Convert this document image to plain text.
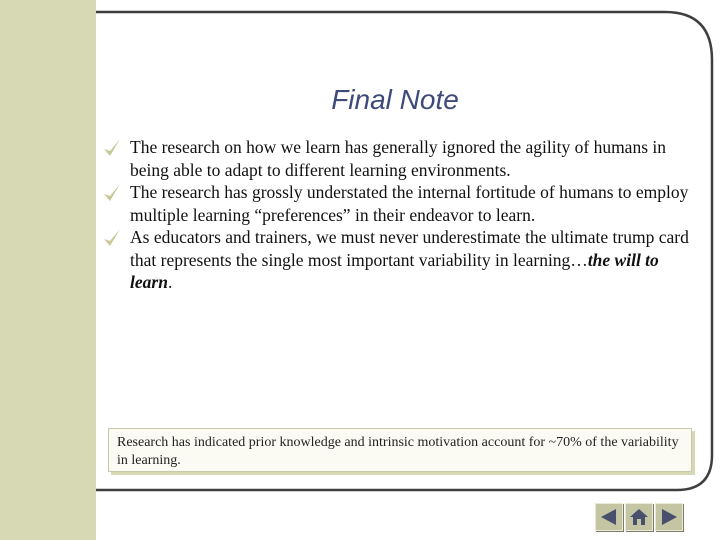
Final Note
The research on how we learn has generally ignored the agility of humans in being able to adapt to different learning environments.
The research has grossly understated the internal fortitude of humans to employ multiple learning “preferences” in their endeavor to learn.
As educators and trainers, we must never underestimate the ultimate trump card that represents the single most important variability in learning…the will to learn.
Research has indicated prior knowledge and intrinsic motivation account for ~70% of the variability in learning.
